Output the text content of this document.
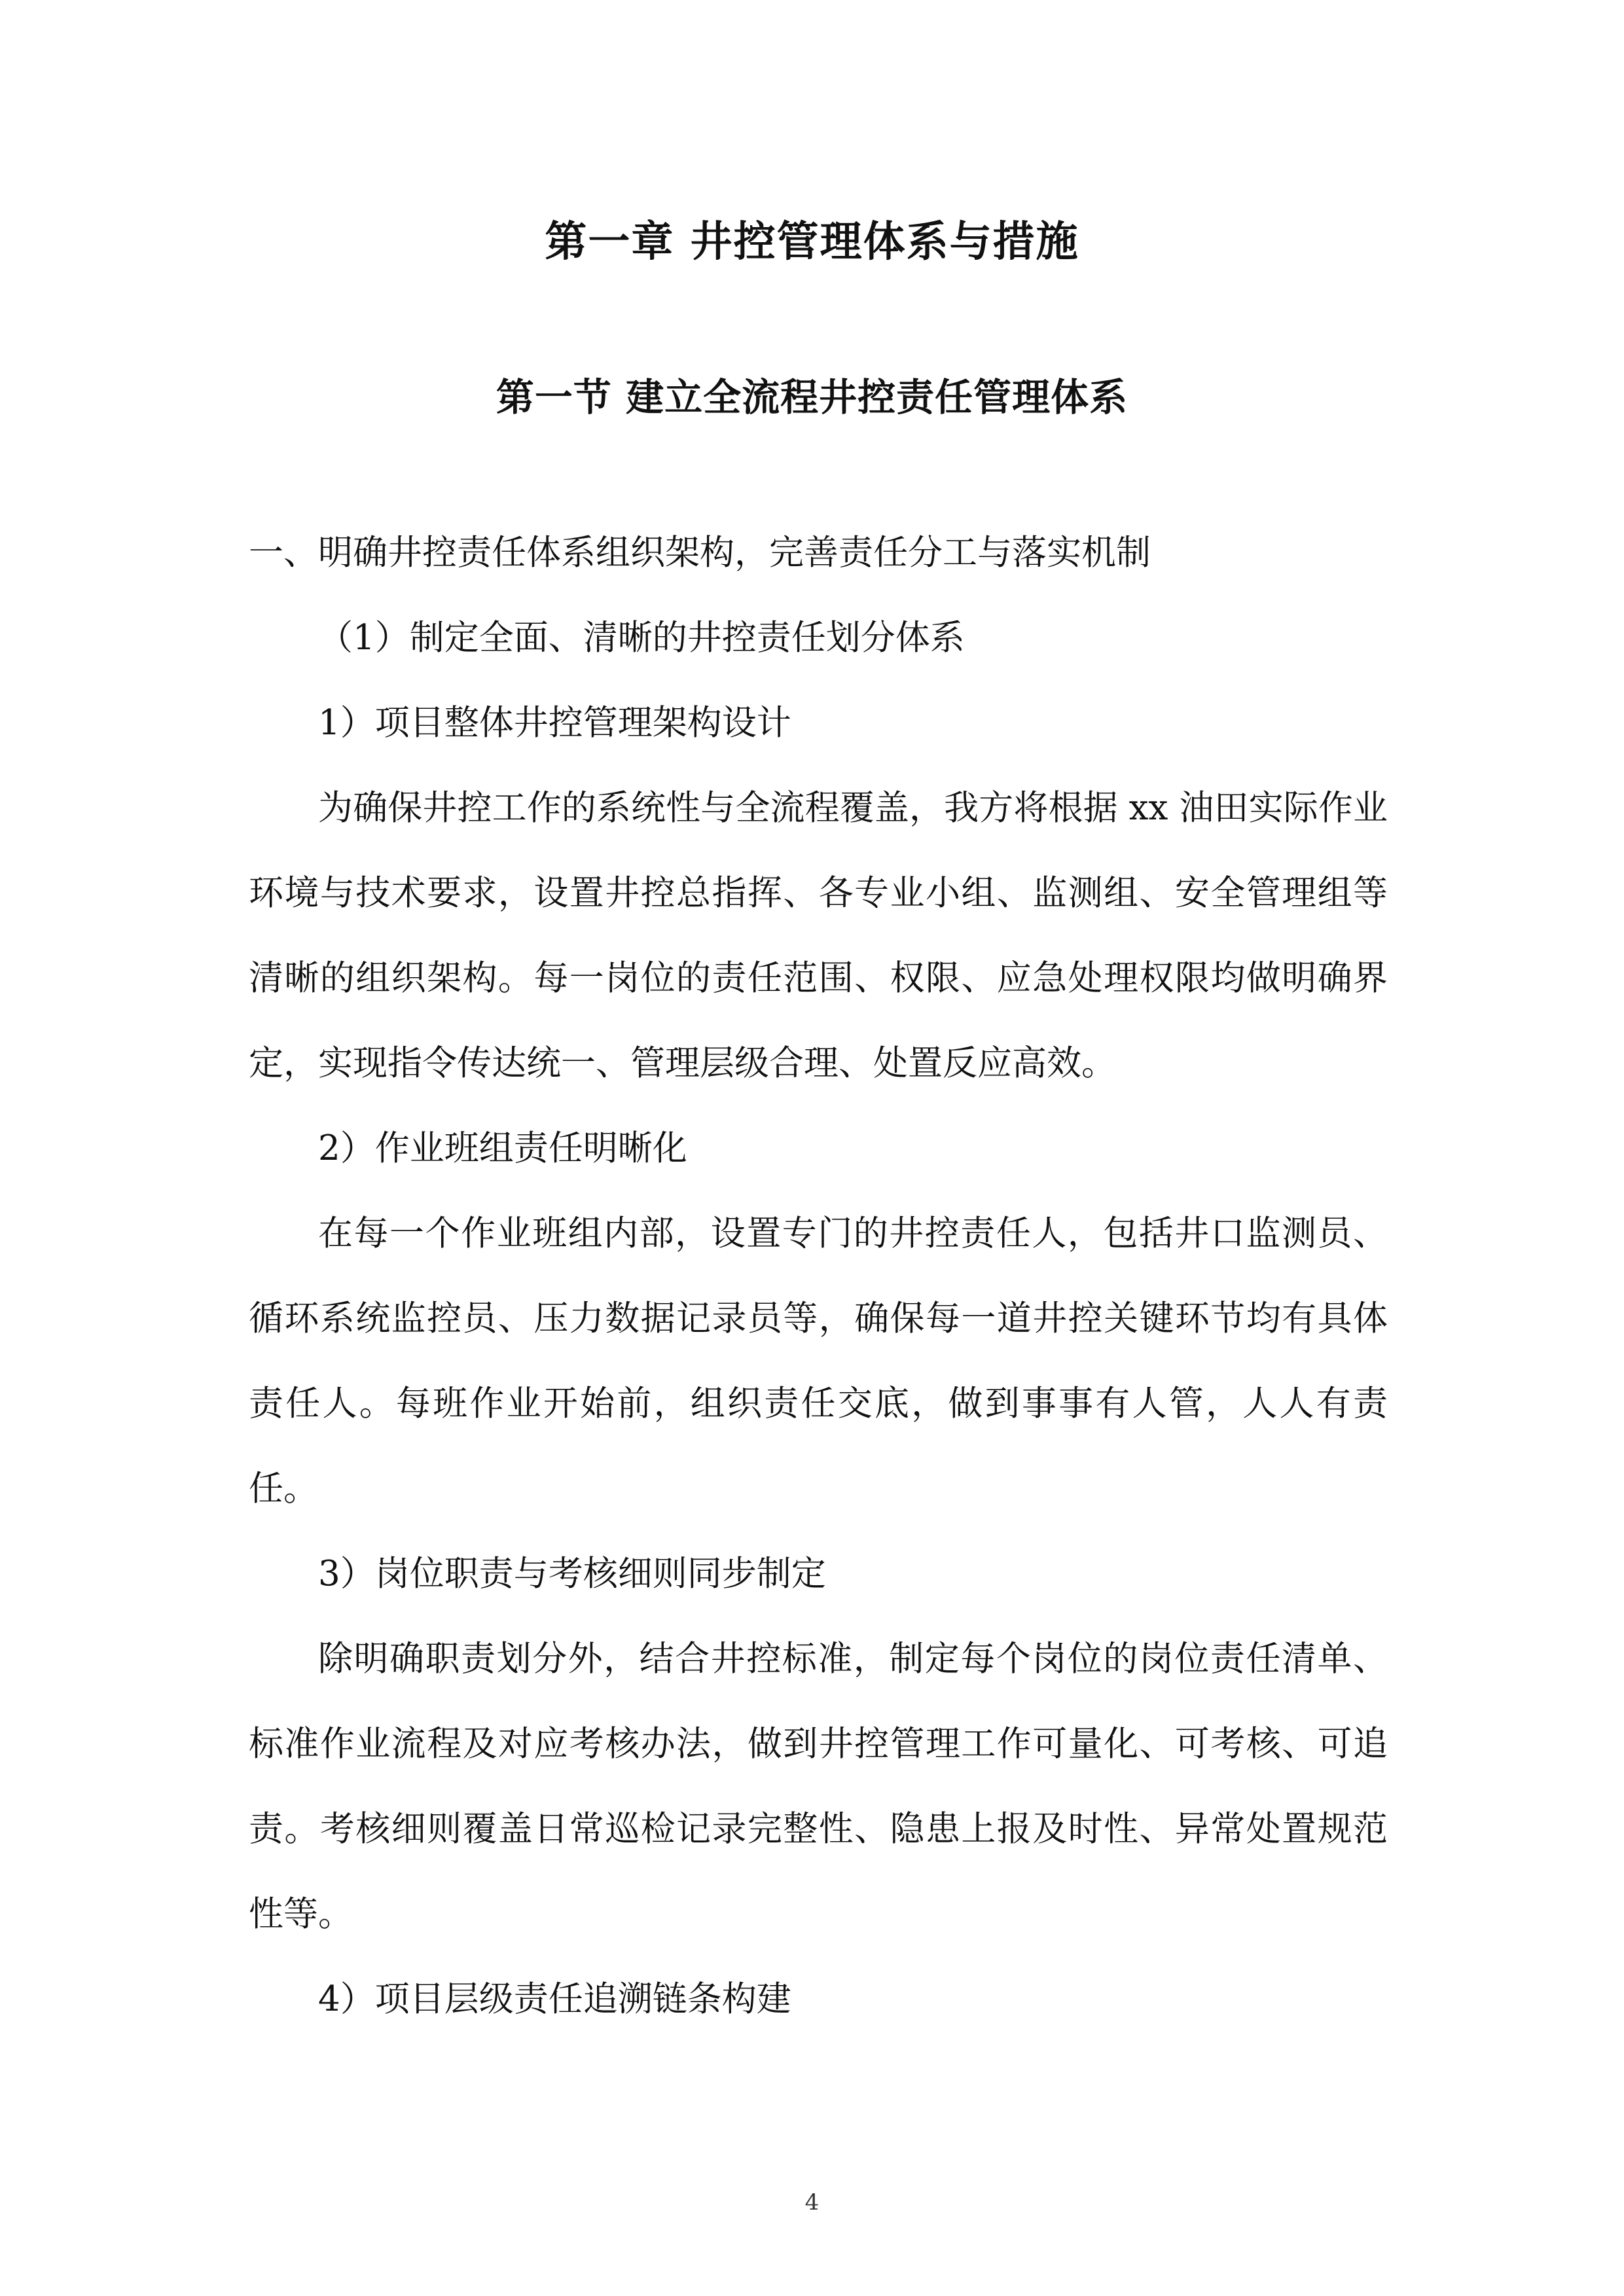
第一章 井控管理体系与措施
第一节 建立全流程井控责任管理体系

一、明确井控责任体系组织架构，完善责任分工与落实机制

（1）制定全面、清晰的井控责任划分体系

1）项目整体井控管理架构设计

为确保井控工作的系统性与全流程覆盖，我方将根据 xx 油田实际作业环境与技术要求，设置井控总指挥、各专业小组、监测组、安全管理组等清晰的组织架构。每一岗位的责任范围、权限、应急处理权限均做明确界定，实现指令传达统一、管理层级合理、处置反应高效。

2）作业班组责任明晰化

在每一个作业班组内部，设置专门的井控责任人，包括井口监测员、循环系统监控员、压力数据记录员等，确保每一道井控关键环节均有具体责任人。每班作业开始前，组织责任交底，做到事事有人管，人人有责任。

3）岗位职责与考核细则同步制定

除明确职责划分外，结合井控标准，制定每个岗位的岗位责任清单、标准作业流程及对应考核办法，做到井控管理工作可量化、可考核、可追责。考核细则覆盖日常巡检记录完整性、隐患上报及时性、异常处置规范性等。

4）项目层级责任追溯链条构建

4
